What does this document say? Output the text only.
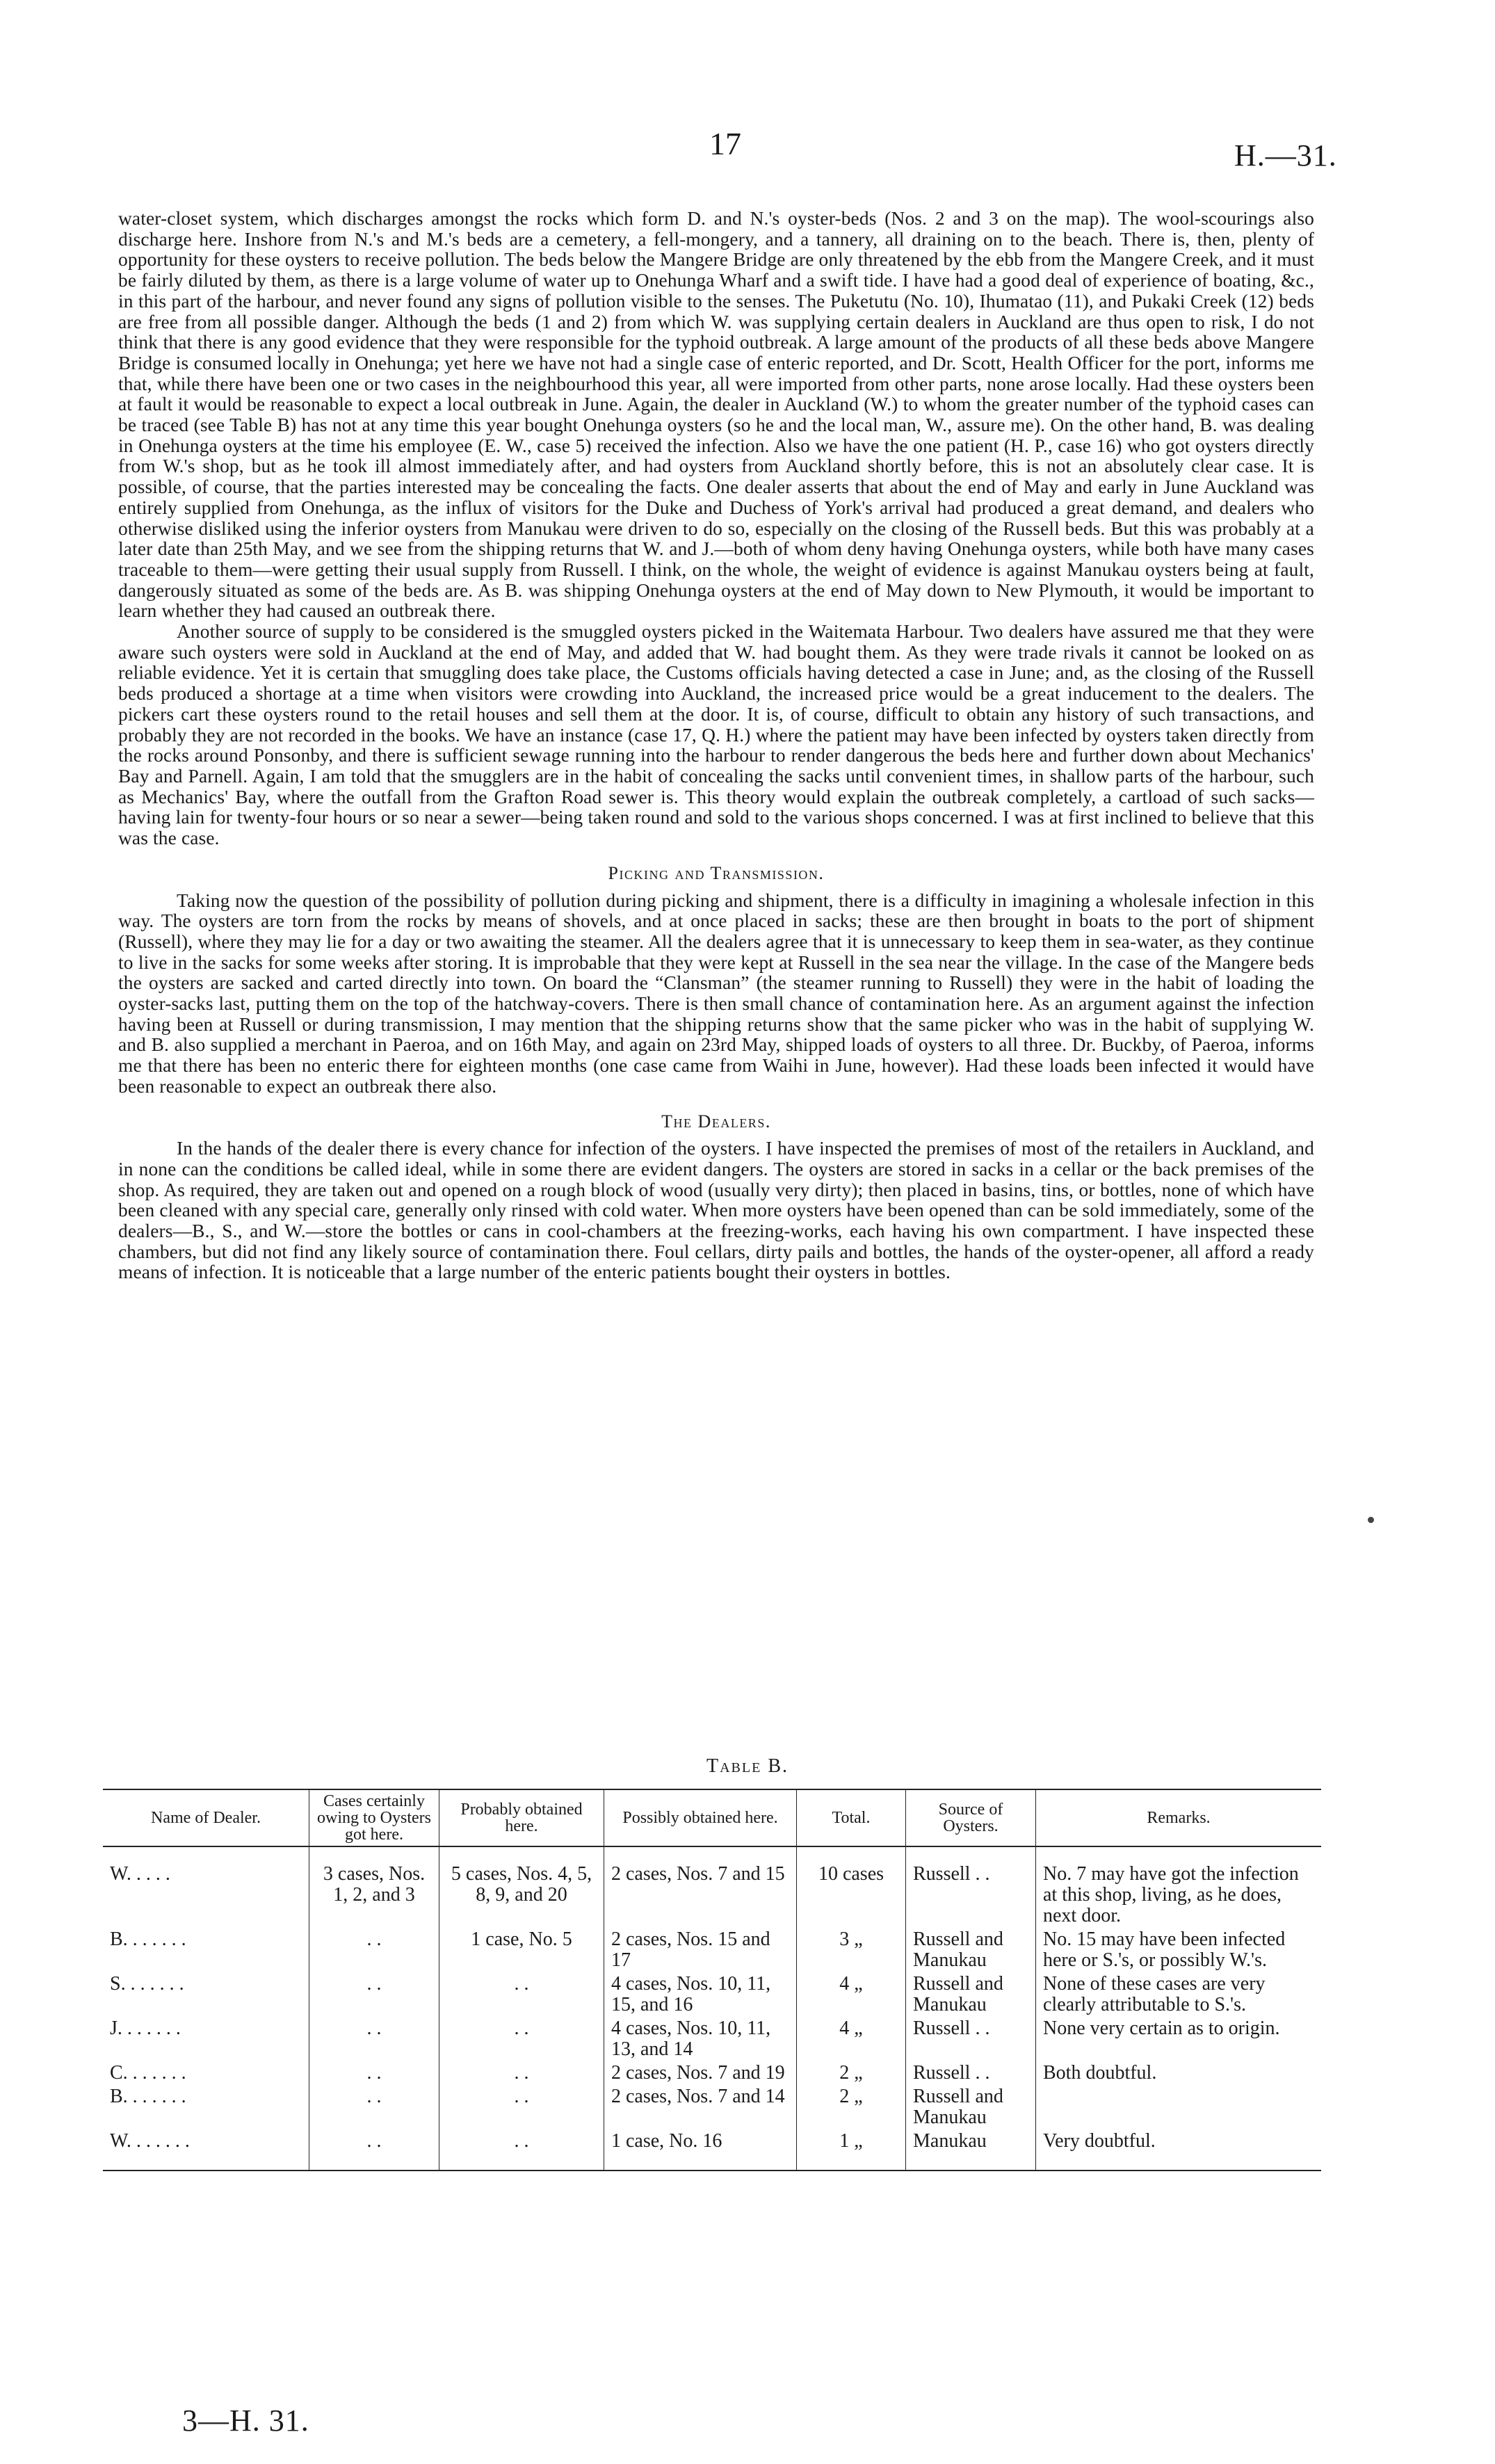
17	H.—31.

water-closet system, which discharges amongst the rocks which form D. and N.'s oyster-beds (Nos. 2 and 3 on the map). The wool-scourings also discharge here. Inshore from N.'s and M.'s beds are a cemetery, a fell-mongery, and a tannery, all draining on to the beach. There is, then, plenty of opportunity for these oysters to receive pollution. The beds below the Mangere Bridge are only threatened by the ebb from the Mangere Creek, and it must be fairly diluted by them, as there is a large volume of water up to Onehunga Wharf and a swift tide. I have had a good deal of experience of boating, &c., in this part of the harbour, and never found any signs of pollution visible to the senses. The Puketutu (No. 10), Ihumatao (11), and Pukaki Creek (12) beds are free from all possible danger. Although the beds (1 and 2) from which W. was supplying certain dealers in Auckland are thus open to risk, I do not think that there is any good evidence that they were responsible for the typhoid outbreak. A large amount of the products of all these beds above Mangere Bridge is consumed locally in Onehunga; yet here we have not had a single case of enteric reported, and Dr. Scott, Health Officer for the port, informs me that, while there have been one or two cases in the neighbourhood this year, all were imported from other parts, none arose locally. Had these oysters been at fault it would be reasonable to expect a local outbreak in June. Again, the dealer in Auckland (W.) to whom the greater number of the typhoid cases can be traced (see Table B) has not at any time this year bought Onehunga oysters (so he and the local man, W., assure me). On the other hand, B. was dealing in Onehunga oysters at the time his employee (E. W., case 5) received the infection. Also we have the one patient (H. P., case 16) who got oysters directly from W.'s shop, but as he took ill almost immediately after, and had oysters from Auckland shortly before, this is not an absolutely clear case. It is possible, of course, that the parties interested may be concealing the facts. One dealer asserts that about the end of May and early in June Auckland was entirely supplied from Onehunga, as the influx of visitors for the Duke and Duchess of York's arrival had produced a great demand, and dealers who otherwise disliked using the inferior oysters from Manukau were driven to do so, especially on the closing of the Russell beds. But this was probably at a later date than 25th May, and we see from the shipping returns that W. and J.—both of whom deny having Onehunga oysters, while both have many cases traceable to them—were getting their usual supply from Russell. I think, on the whole, the weight of evidence is against Manukau oysters being at fault, dangerously situated as some of the beds are. As B. was shipping Onehunga oysters at the end of May down to New Plymouth, it would be important to learn whether they had caused an outbreak there.

Another source of supply to be considered is the smuggled oysters picked in the Waitemata Harbour. Two dealers have assured me that they were aware such oysters were sold in Auckland at the end of May, and added that W. had bought them. As they were trade rivals it cannot be looked on as reliable evidence. Yet it is certain that smuggling does take place, the Customs officials having detected a case in June; and, as the closing of the Russell beds produced a shortage at a time when visitors were crowding into Auckland, the increased price would be a great inducement to the dealers. The pickers cart these oysters round to the retail houses and sell them at the door. It is, of course, difficult to obtain any history of such transactions, and probably they are not recorded in the books. We have an instance (case 17, Q. H.) where the patient may have been infected by oysters taken directly from the rocks around Ponsonby, and there is sufficient sewage running into the harbour to render dangerous the beds here and further down about Mechanics' Bay and Parnell. Again, I am told that the smugglers are in the habit of concealing the sacks until convenient times, in shallow parts of the harbour, such as Mechanics' Bay, where the outfall from the Grafton Road sewer is. This theory would explain the outbreak completely, a cartload of such sacks—having lain for twenty-four hours or so near a sewer—being taken round and sold to the various shops concerned. I was at first inclined to believe that this was the case.

Picking and Transmission.

Taking now the question of the possibility of pollution during picking and shipment, there is a difficulty in imagining a wholesale infection in this way. The oysters are torn from the rocks by means of shovels, and at once placed in sacks; these are then brought in boats to the port of shipment (Russell), where they may lie for a day or two awaiting the steamer. All the dealers agree that it is unnecessary to keep them in sea-water, as they continue to live in the sacks for some weeks after storing. It is improbable that they were kept at Russell in the sea near the village. In the case of the Mangere beds the oysters are sacked and carted directly into town. On board the “Clansman” (the steamer running to Russell) they were in the habit of loading the oyster-sacks last, putting them on the top of the hatchway-covers. There is then small chance of contamination here. As an argument against the infection having been at Russell or during transmission, I may mention that the shipping returns show that the same picker who was in the habit of supplying W. and B. also supplied a merchant in Paeroa, and on 16th May, and again on 23rd May, shipped loads of oysters to all three. Dr. Buckby, of Paeroa, informs me that there has been no enteric there for eighteen months (one case came from Waihi in June, however). Had these loads been infected it would have been reasonable to expect an outbreak there also.

The Dealers.

In the hands of the dealer there is every chance for infection of the oysters. I have inspected the premises of most of the retailers in Auckland, and in none can the conditions be called ideal, while in some there are evident dangers. The oysters are stored in sacks in a cellar or the back premises of the shop. As required, they are taken out and opened on a rough block of wood (usually very dirty); then placed in basins, tins, or bottles, none of which have been cleaned with any special care, generally only rinsed with cold water. When more oysters have been opened than can be sold immediately, some of the dealers—B., S., and W.—store the bottles or cans in cool-chambers at the freezing-works, each having his own compartment. I have inspected these chambers, but did not find any likely source of contamination there. Foul cellars, dirty pails and bottles, the hands of the oyster-opener, all afford a ready means of infection. It is noticeable that a large number of the enteric patients bought their oysters in bottles.

Table B.
Name of Dealer.	Cases certainly owing to Oysters got here.	Probably obtained here.	Possibly obtained here.	Total.	Source of Oysters.	Remarks.
W. . . . .	3 cases, Nos. 1, 2, and 3	5 cases, Nos. 4, 5, 8, 9, and 20	2 cases, Nos. 7 and 15	10 cases	Russell . .	No. 7 may have got the infection at this shop, living, as he does, next door.
B. . . . . . .	. .	1 case, No. 5	2 cases, Nos. 15 and 17	3 „	Russell and Manukau	No. 15 may have been infected here or S.'s, or possibly W.'s.
S. . . . . . .	. .	. .	4 cases, Nos. 10, 11, 15, and 16	4 „	Russell and Manukau	None of these cases are very clearly attributable to S.'s.
J. . . . . . .	. .	. .	4 cases, Nos. 10, 11, 13, and 14	4 „	Russell . .	None very certain as to origin.
C. . . . . . .	. .	. .	2 cases, Nos. 7 and 19	2 „	Russell . .	Both doubtful.
B. . . . . . .	. .	. .	2 cases, Nos. 7 and 14	2 „	Russell and Manukau	
W. . . . . . .	. .	. .	1 case, No. 16	1 „	Manukau	Very doubtful.
3—H. 31.
